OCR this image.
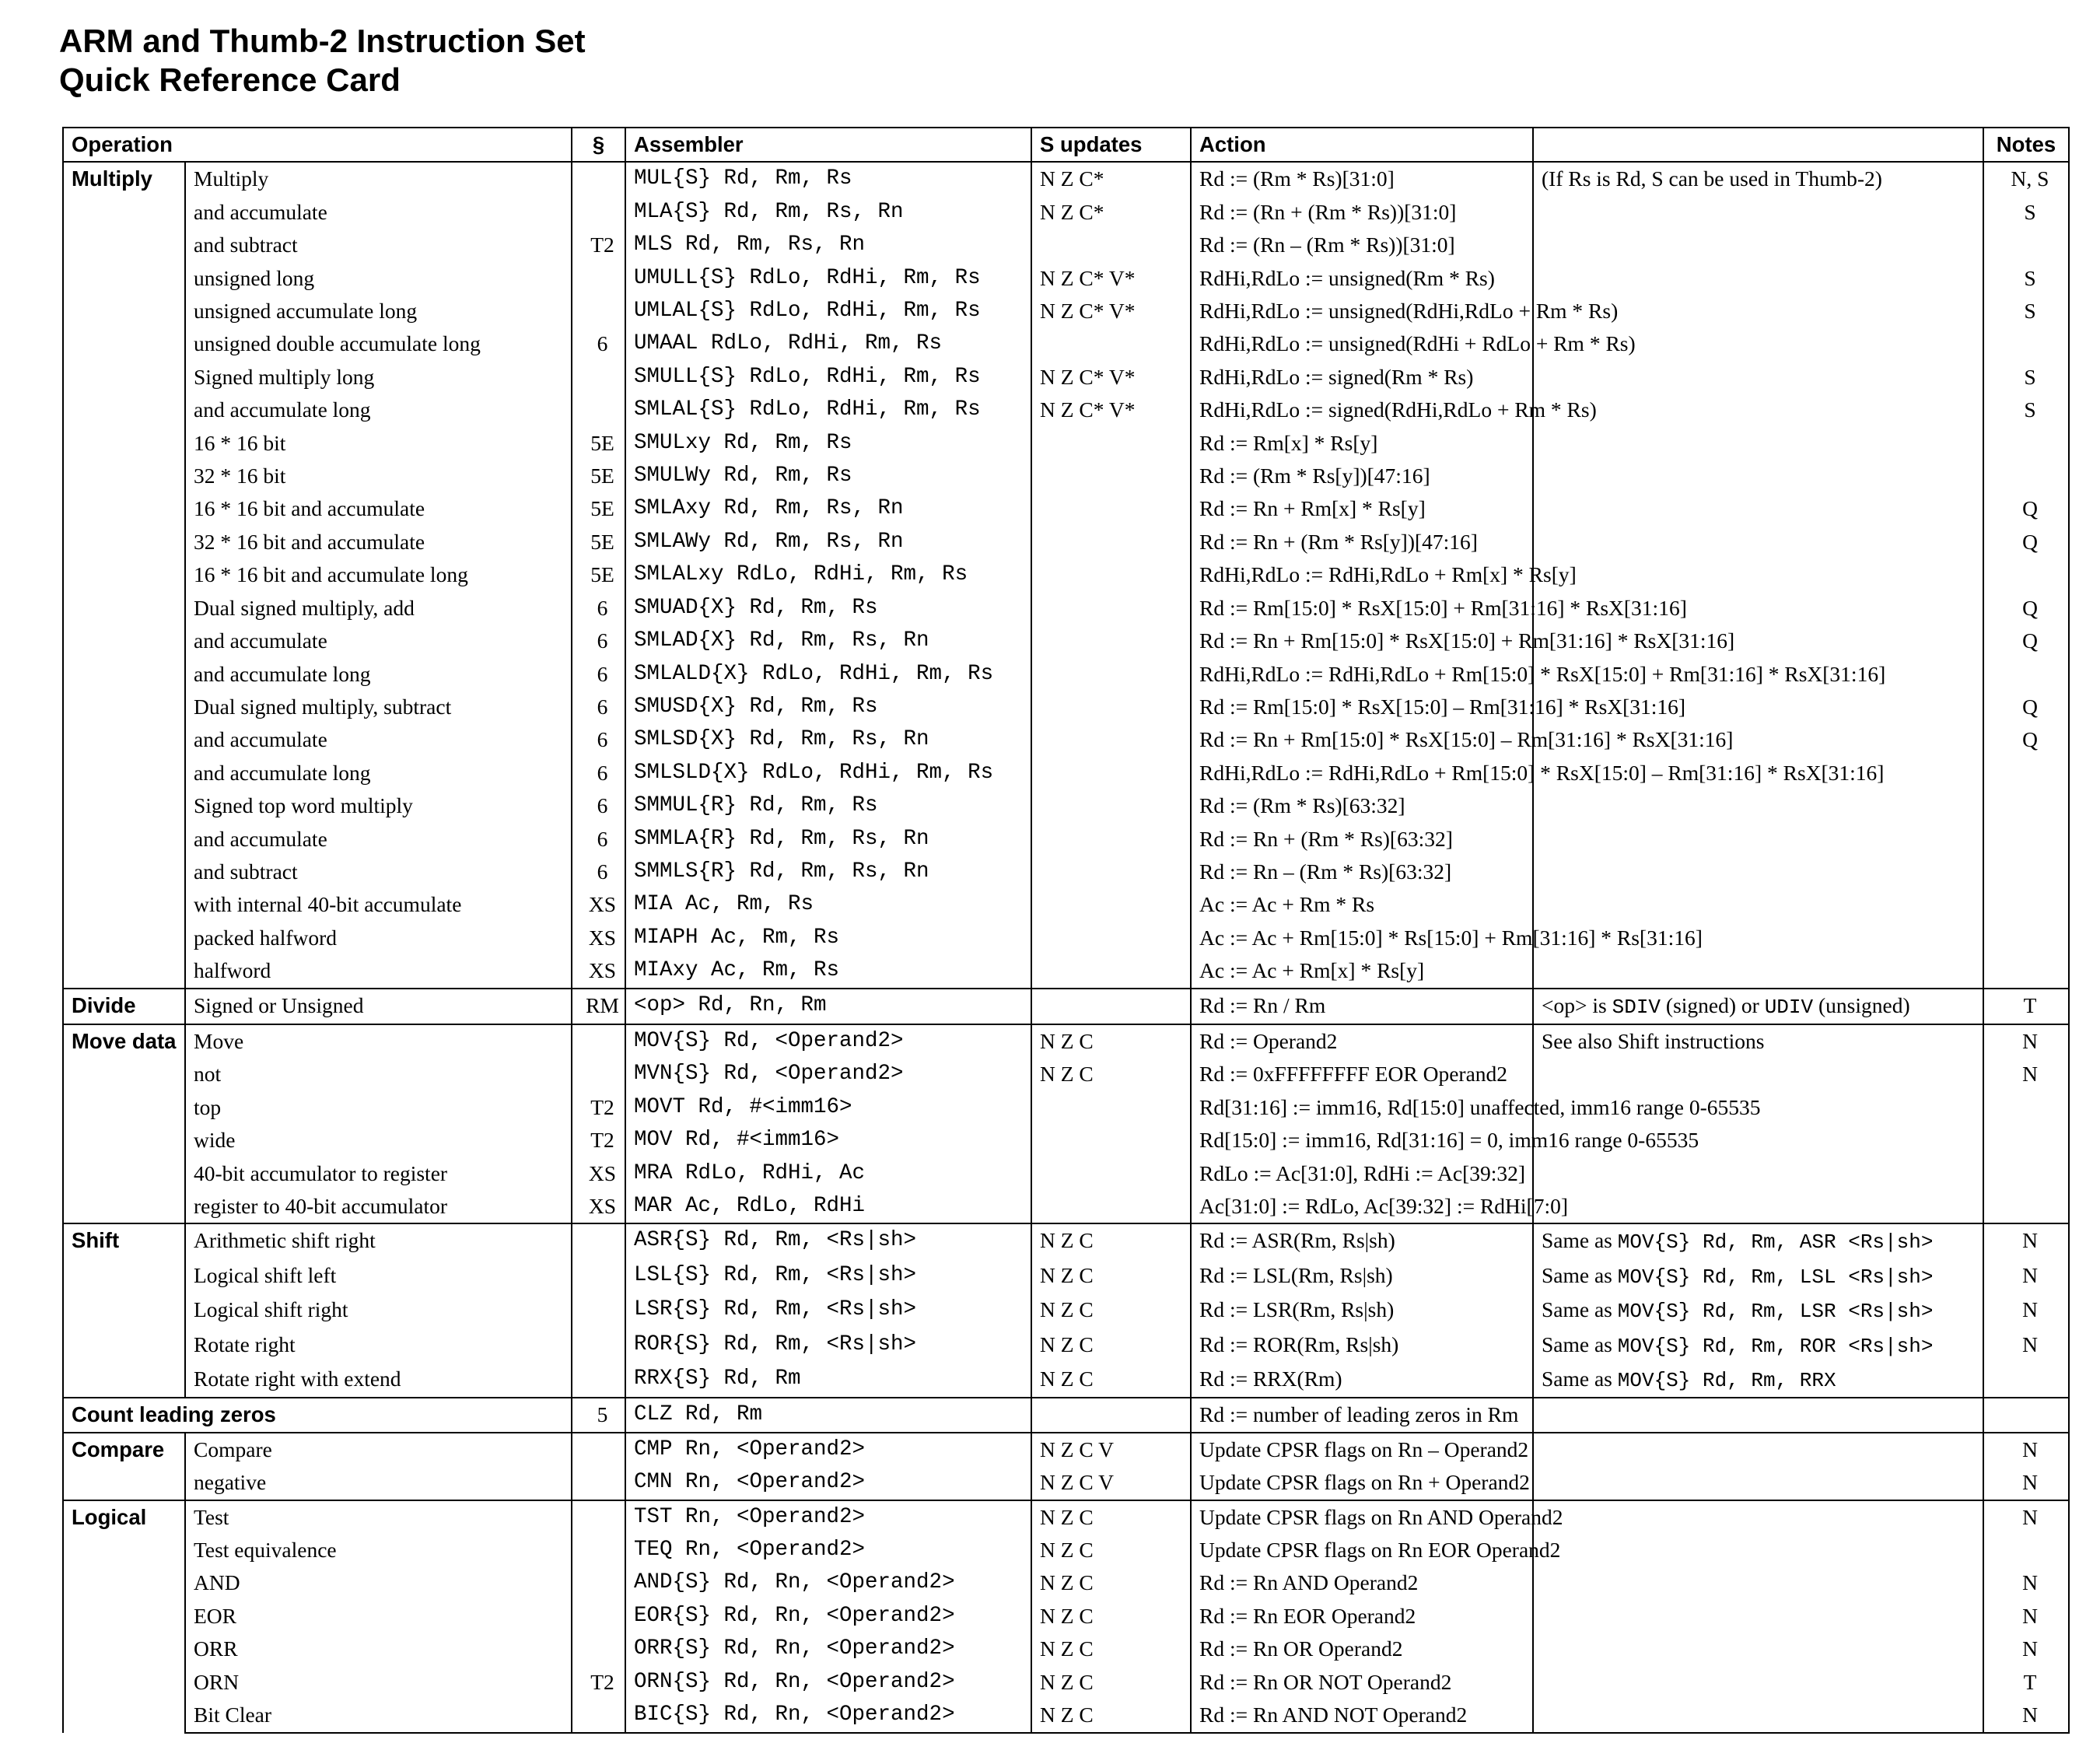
ARM and Thumb-2 Instruction Set
Quick Reference Card
Operation		§	Assembler	S updates	Action		Notes
Multiply	Multiply		MUL{S} Rd, Rm, Rs	N Z C*	Rd := (Rm * Rs)[31:0]	(If Rs is Rd, S can be used in Thumb-2)	N, S
	and accumulate		MLA{S} Rd, Rm, Rs, Rn	N Z C*	Rd := (Rn + (Rm * Rs))[31:0]		S
	and subtract	T2	MLS Rd, Rm, Rs, Rn		Rd := (Rn – (Rm * Rs))[31:0]		
	unsigned long		UMULL{S} RdLo, RdHi, Rm, Rs	N Z C* V*	RdHi,RdLo := unsigned(Rm * Rs)		S
	unsigned accumulate long		UMLAL{S} RdLo, RdHi, Rm, Rs	N Z C* V*	RdHi,RdLo := unsigned(RdHi,RdLo + Rm * Rs)		S
	unsigned double accumulate long	6	UMAAL RdLo, RdHi, Rm, Rs		RdHi,RdLo := unsigned(RdHi + RdLo + Rm * Rs)		
	Signed multiply long		SMULL{S} RdLo, RdHi, Rm, Rs	N Z C* V*	RdHi,RdLo := signed(Rm * Rs)		S
	and accumulate long		SMLAL{S} RdLo, RdHi, Rm, Rs	N Z C* V*	RdHi,RdLo := signed(RdHi,RdLo + Rm * Rs)		S
	16 * 16 bit	5E	SMULxy Rd, Rm, Rs		Rd := Rm[x] * Rs[y]		
	32 * 16 bit	5E	SMULWy Rd, Rm, Rs		Rd := (Rm * Rs[y])[47:16]		
	16 * 16 bit and accumulate	5E	SMLAxy Rd, Rm, Rs, Rn		Rd := Rn + Rm[x] * Rs[y]		Q
	32 * 16 bit and accumulate	5E	SMLAWy Rd, Rm, Rs, Rn		Rd := Rn + (Rm * Rs[y])[47:16]		Q
	16 * 16 bit and accumulate long	5E	SMLALxy RdLo, RdHi, Rm, Rs		RdHi,RdLo := RdHi,RdLo + Rm[x] * Rs[y]		
	Dual signed multiply, add	6	SMUAD{X} Rd, Rm, Rs		Rd := Rm[15:0] * RsX[15:0] + Rm[31:16] * RsX[31:16]		Q
	and accumulate	6	SMLAD{X} Rd, Rm, Rs, Rn		Rd := Rn + Rm[15:0] * RsX[15:0] + Rm[31:16] * RsX[31:16]		Q
	and accumulate long	6	SMLALD{X} RdLo, RdHi, Rm, Rs		RdHi,RdLo := RdHi,RdLo + Rm[15:0] * RsX[15:0] + Rm[31:16] * RsX[31:16]		
	Dual signed multiply, subtract	6	SMUSD{X} Rd, Rm, Rs		Rd := Rm[15:0] * RsX[15:0] – Rm[31:16] * RsX[31:16]		Q
	and accumulate	6	SMLSD{X} Rd, Rm, Rs, Rn		Rd := Rn + Rm[15:0] * RsX[15:0] – Rm[31:16] * RsX[31:16]		Q
	and accumulate long	6	SMLSLD{X} RdLo, RdHi, Rm, Rs		RdHi,RdLo := RdHi,RdLo + Rm[15:0] * RsX[15:0] – Rm[31:16] * RsX[31:16]		
	Signed top word multiply	6	SMMUL{R} Rd, Rm, Rs		Rd := (Rm * Rs)[63:32]		
	and accumulate	6	SMMLA{R} Rd, Rm, Rs, Rn		Rd := Rn + (Rm * Rs)[63:32]		
	and subtract	6	SMMLS{R} Rd, Rm, Rs, Rn		Rd := Rn – (Rm * Rs)[63:32]		
	with internal 40-bit accumulate	XS	MIA Ac, Rm, Rs		Ac := Ac + Rm * Rs		
	packed halfword	XS	MIAPH Ac, Rm, Rs		Ac := Ac + Rm[15:0] * Rs[15:0] + Rm[31:16] * Rs[31:16]		
	halfword	XS	MIAxy Ac, Rm, Rs		Ac := Ac + Rm[x] * Rs[y]		
Divide	Signed or Unsigned	RM	<op> Rd, Rn, Rm		Rd := Rn / Rm	<op> is SDIV (signed) or UDIV (unsigned)	T
Move data	Move		MOV{S} Rd, <Operand2>	N Z C	Rd := Operand2	See also Shift instructions	N
	not		MVN{S} Rd, <Operand2>	N Z C	Rd := 0xFFFFFFFF EOR Operand2		N
	top	T2	MOVT Rd, #<imm16>		Rd[31:16] := imm16, Rd[15:0] unaffected, imm16 range 0-65535		
	wide	T2	MOV Rd, #<imm16>		Rd[15:0] := imm16, Rd[31:16] = 0, imm16 range 0-65535		
	40-bit accumulator to register	XS	MRA RdLo, RdHi, Ac		RdLo := Ac[31:0], RdHi := Ac[39:32]		
	register to 40-bit accumulator	XS	MAR Ac, RdLo, RdHi		Ac[31:0] := RdLo, Ac[39:32] := RdHi[7:0]		
Shift	Arithmetic shift right		ASR{S} Rd, Rm, <Rs|sh>	N Z C	Rd := ASR(Rm, Rs|sh)	Same as MOV{S} Rd, Rm, ASR <Rs|sh>	N
	Logical shift left		LSL{S} Rd, Rm, <Rs|sh>	N Z C	Rd := LSL(Rm, Rs|sh)	Same as MOV{S} Rd, Rm, LSL <Rs|sh>	N
	Logical shift right		LSR{S} Rd, Rm, <Rs|sh>	N Z C	Rd := LSR(Rm, Rs|sh)	Same as MOV{S} Rd, Rm, LSR <Rs|sh>	N
	Rotate right		ROR{S} Rd, Rm, <Rs|sh>	N Z C	Rd := ROR(Rm, Rs|sh)	Same as MOV{S} Rd, Rm, ROR <Rs|sh>	N
	Rotate right with extend		RRX{S} Rd, Rm	N Z C	Rd := RRX(Rm)	Same as MOV{S} Rd, Rm, RRX	
Count leading zeros		5	CLZ Rd, Rm		Rd := number of leading zeros in Rm		
Compare	Compare		CMP Rn, <Operand2>	N Z C V	Update CPSR flags on Rn – Operand2		N
	negative		CMN Rn, <Operand2>	N Z C V	Update CPSR flags on Rn + Operand2		N
Logical	Test		TST Rn, <Operand2>	N Z C	Update CPSR flags on Rn AND Operand2		N
	Test equivalence		TEQ Rn, <Operand2>	N Z C	Update CPSR flags on Rn EOR Operand2		
	AND		AND{S} Rd, Rn, <Operand2>	N Z C	Rd := Rn AND Operand2		N
	EOR		EOR{S} Rd, Rn, <Operand2>	N Z C	Rd := Rn EOR Operand2		N
	ORR		ORR{S} Rd, Rn, <Operand2>	N Z C	Rd := Rn OR Operand2		N
	ORN	T2	ORN{S} Rd, Rn, <Operand2>	N Z C	Rd := Rn OR NOT Operand2		T
	Bit Clear		BIC{S} Rd, Rn, <Operand2>	N Z C	Rd := Rn AND NOT Operand2		N
